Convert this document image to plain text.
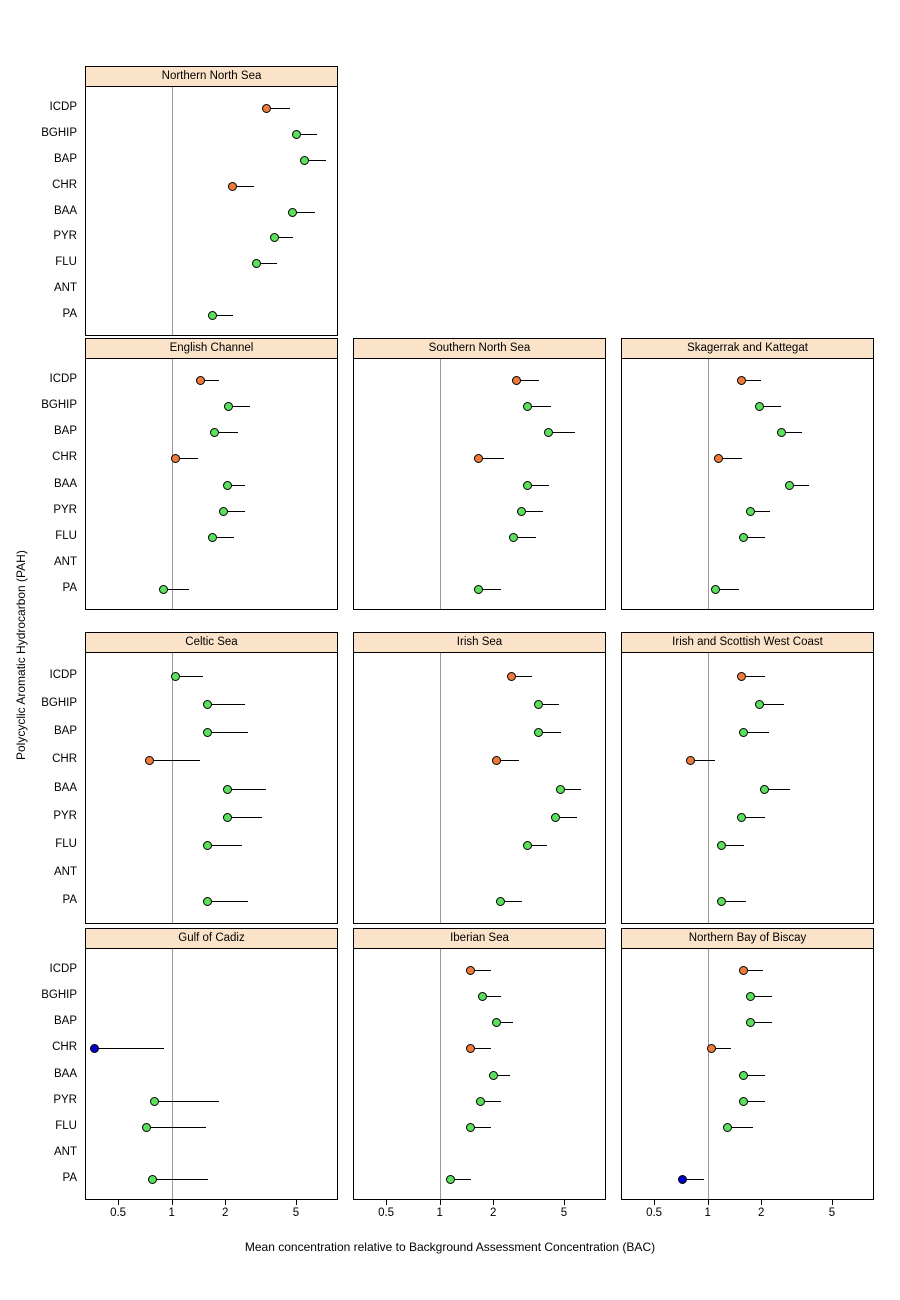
Northern North Sea
ICDP
BGHIP
BAP
CHR
BAA
PYR
FLU
ANT
PA
English Channel
ICDP
BGHIP
BAP
CHR
BAA
PYR
FLU
ANT
PA
Southern North Sea	Skagerrak and Kattegat
Celtic Sea
ICDP
BGHIP
BAP
CHR
BAA
PYR
FLU
ANT
PA
Irish Sea	Irish and Scottish West Coast
Gulf of Cadiz
ICDP
BGHIP
BAP
CHR
BAA
PYR
FLU
ANT
PA
0.5	1	2	5
Iberian Sea
0.5	1	2	5
Northern Bay of Biscay
0.5	1	2	5
Mean concentration relative to Background Assessment Concentration (BAC)
Polycyclic Aromatic Hydrocarbon (PAH)
